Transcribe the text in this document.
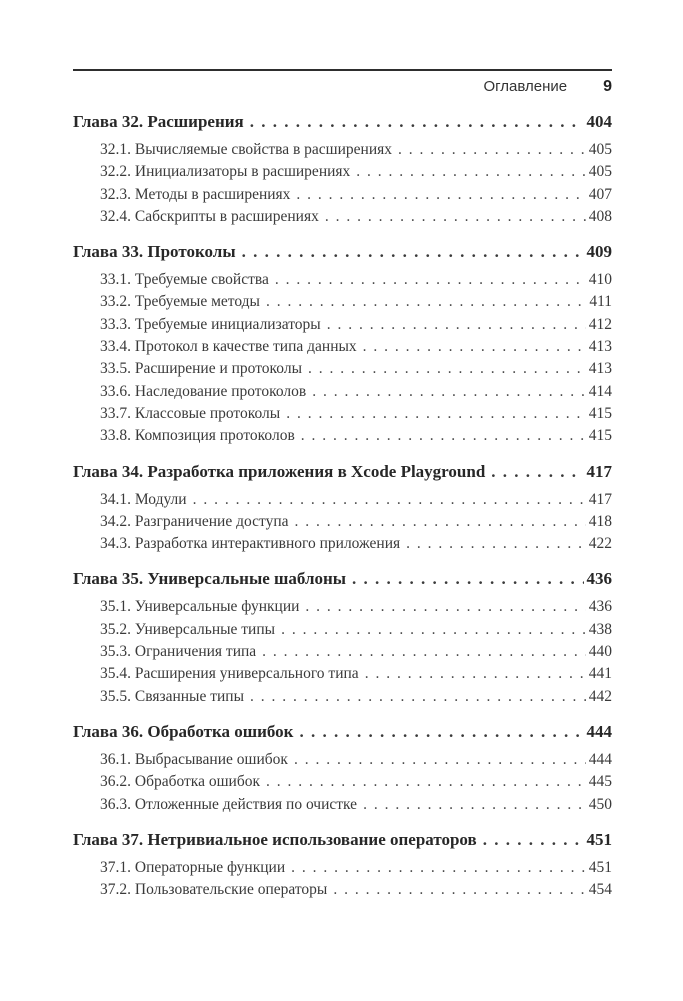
Оглавление 9
Глава 32. Расширения . . .	404
32.1. Вычисляемые свойства в расширениях . . .	405
32.2. Инициализаторы в расширениях . . .	405
32.3. Методы в расширениях . . .	407
32.4. Сабскрипты в расширениях . . .	408
Глава 33. Протоколы . . .	409
33.1. Требуемые свойства . . .	410
33.2. Требуемые методы . . .	411
33.3. Требуемые инициализаторы . . .	412
33.4. Протокол в качестве типа данных . . .	413
33.5. Расширение и протоколы . . .	413
33.6. Наследование протоколов . . .	414
33.7. Классовые протоколы . . .	415
33.8. Композиция протоколов . . .	415
Глава 34. Разработка приложения в Xcode Playground . . .	417
34.1. Модули . . .	417
34.2. Разграничение доступа . . .	418
34.3. Разработка интерактивного приложения . . .	422
Глава 35. Универсальные шаблоны . . .	436
35.1. Универсальные функции . . .	436
35.2. Универсальные типы . . .	438
35.3. Ограничения типа . . .	440
35.4. Расширения универсального типа . . .	441
35.5. Связанные типы . . .	442
Глава 36. Обработка ошибок . . .	444
36.1. Выбрасывание ошибок . . .	444
36.2. Обработка ошибок . . .	445
36.3. Отложенные действия по очистке . . .	450
Глава 37. Нетривиальное использование операторов . . .	451
37.1. Операторные функции . . .	451
37.2. Пользовательские операторы . . .	454
